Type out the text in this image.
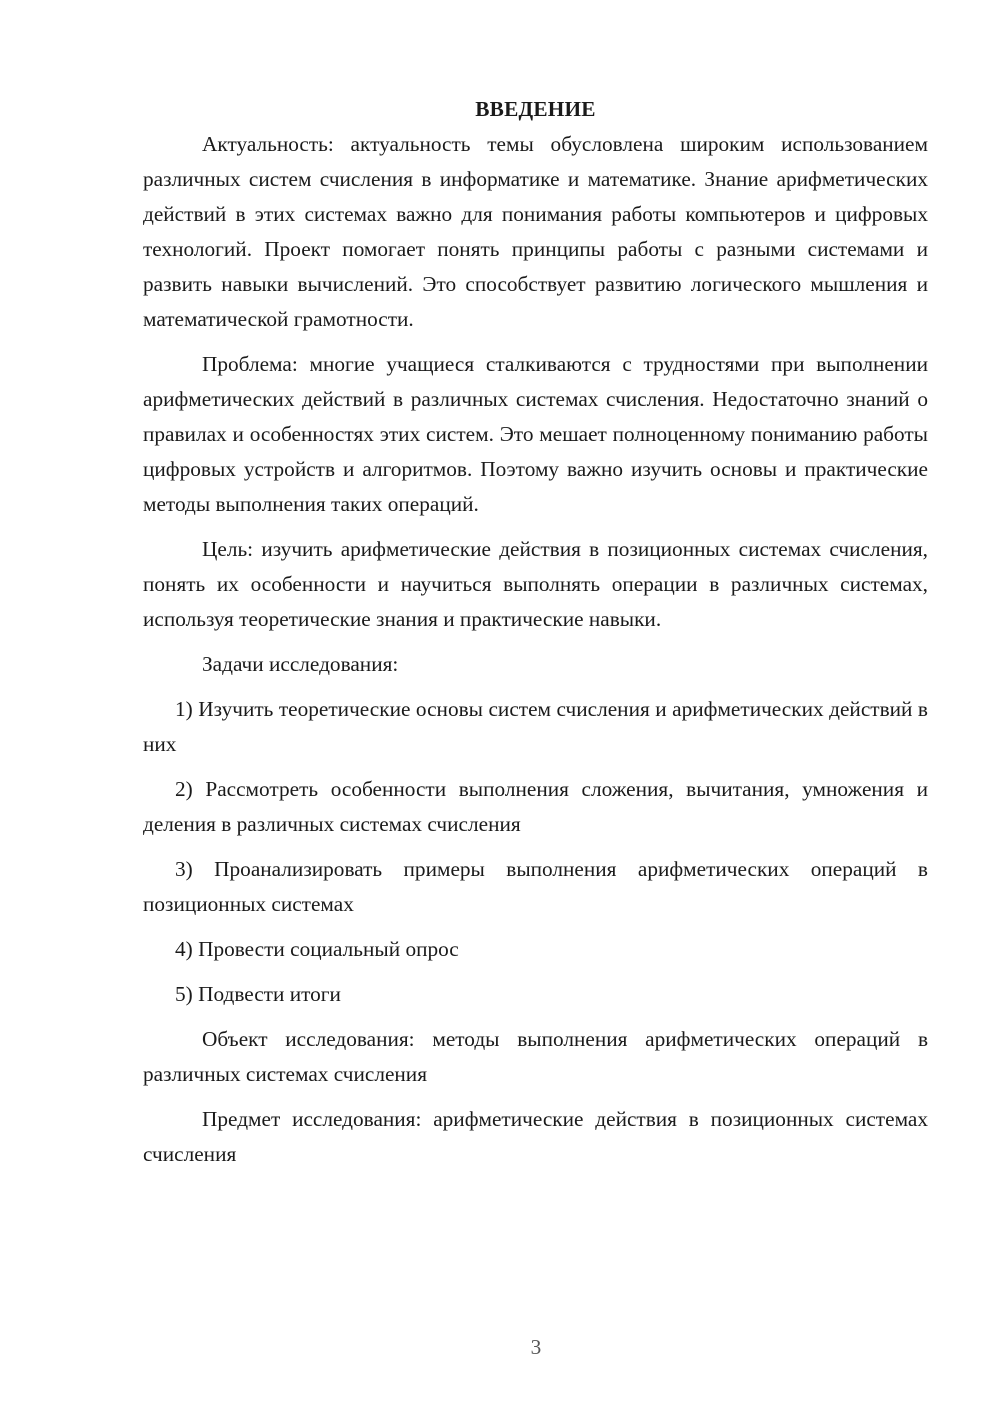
ВВЕДЕНИЕ

Актуальность: актуальность темы обусловлена широким использованием различных систем счисления в информатике и математике. Знание арифметических действий в этих системах важно для понимания работы компьютеров и цифровых технологий. Проект помогает понять принципы работы с разными системами и развить навыки вычислений. Это способствует развитию логического мышления и математической грамотности.

Проблема: многие учащиеся сталкиваются с трудностями при выполнении арифметических действий в различных системах счисления. Недостаточно знаний о правилах и особенностях этих систем. Это мешает полноценному пониманию работы цифровых устройств и алгоритмов. Поэтому важно изучить основы и практические методы выполнения таких операций.

Цель: изучить арифметические действия в позиционных системах счисления, понять их особенности и научиться выполнять операции в различных системах, используя теоретические знания и практические навыки.

Задачи исследования:

1) Изучить теоретические основы систем счисления и арифметических действий в них

2) Рассмотреть особенности выполнения сложения, вычитания, умножения и деления в различных системах счисления

3) Проанализировать примеры выполнения арифметических операций в позиционных системах

4) Провести социальный опрос

5) Подвести итоги

Объект исследования: методы выполнения арифметических операций в различных системах счисления

Предмет исследования: арифметические действия в позиционных системах счисления

3
